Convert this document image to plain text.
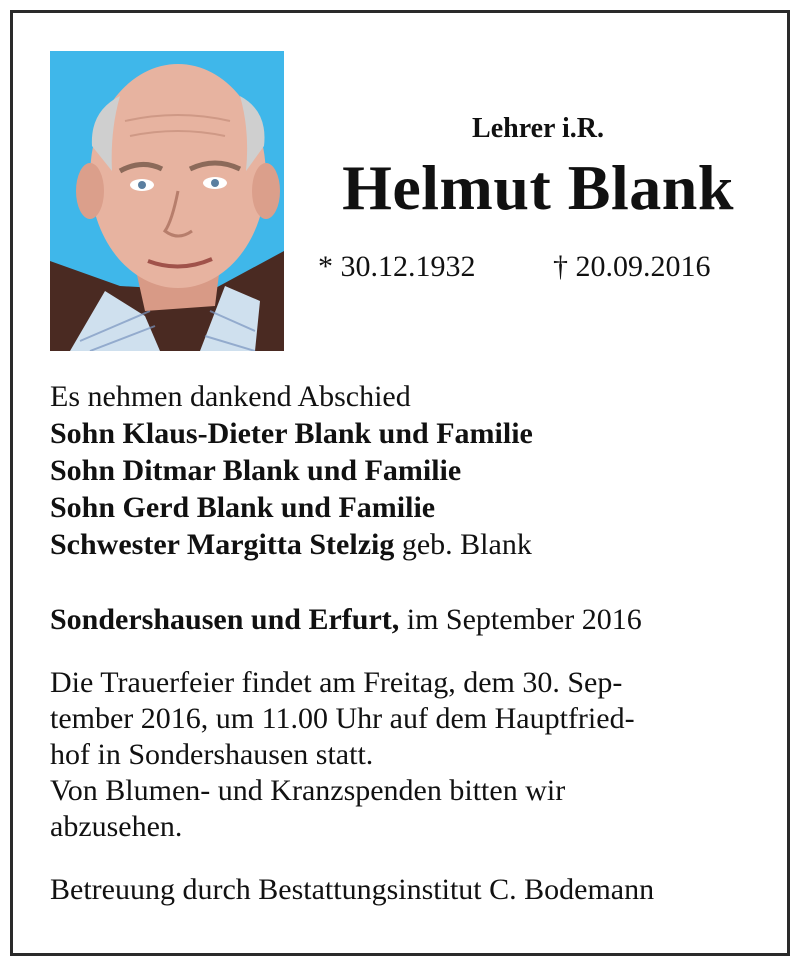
Lehrer i.R.
Helmut Blank
* 30.12.1932	† 20.09.2016
Es nehmen dankend Abschied
Sohn Klaus-Dieter Blank und Familie
Sohn Ditmar Blank und Familie
Sohn Gerd Blank und Familie
Schwester Margitta Stelzig geb. Blank
Sondershausen und Erfurt, im September 2016
Die Trauerfeier findet am Freitag, dem 30. Sep-
tember 2016, um 11.00 Uhr auf dem Hauptfried-
hof in Sondershausen statt.
Von Blumen- und Kranzspenden bitten wir
abzusehen.
Betreuung durch Bestattungsinstitut C. Bodemann
